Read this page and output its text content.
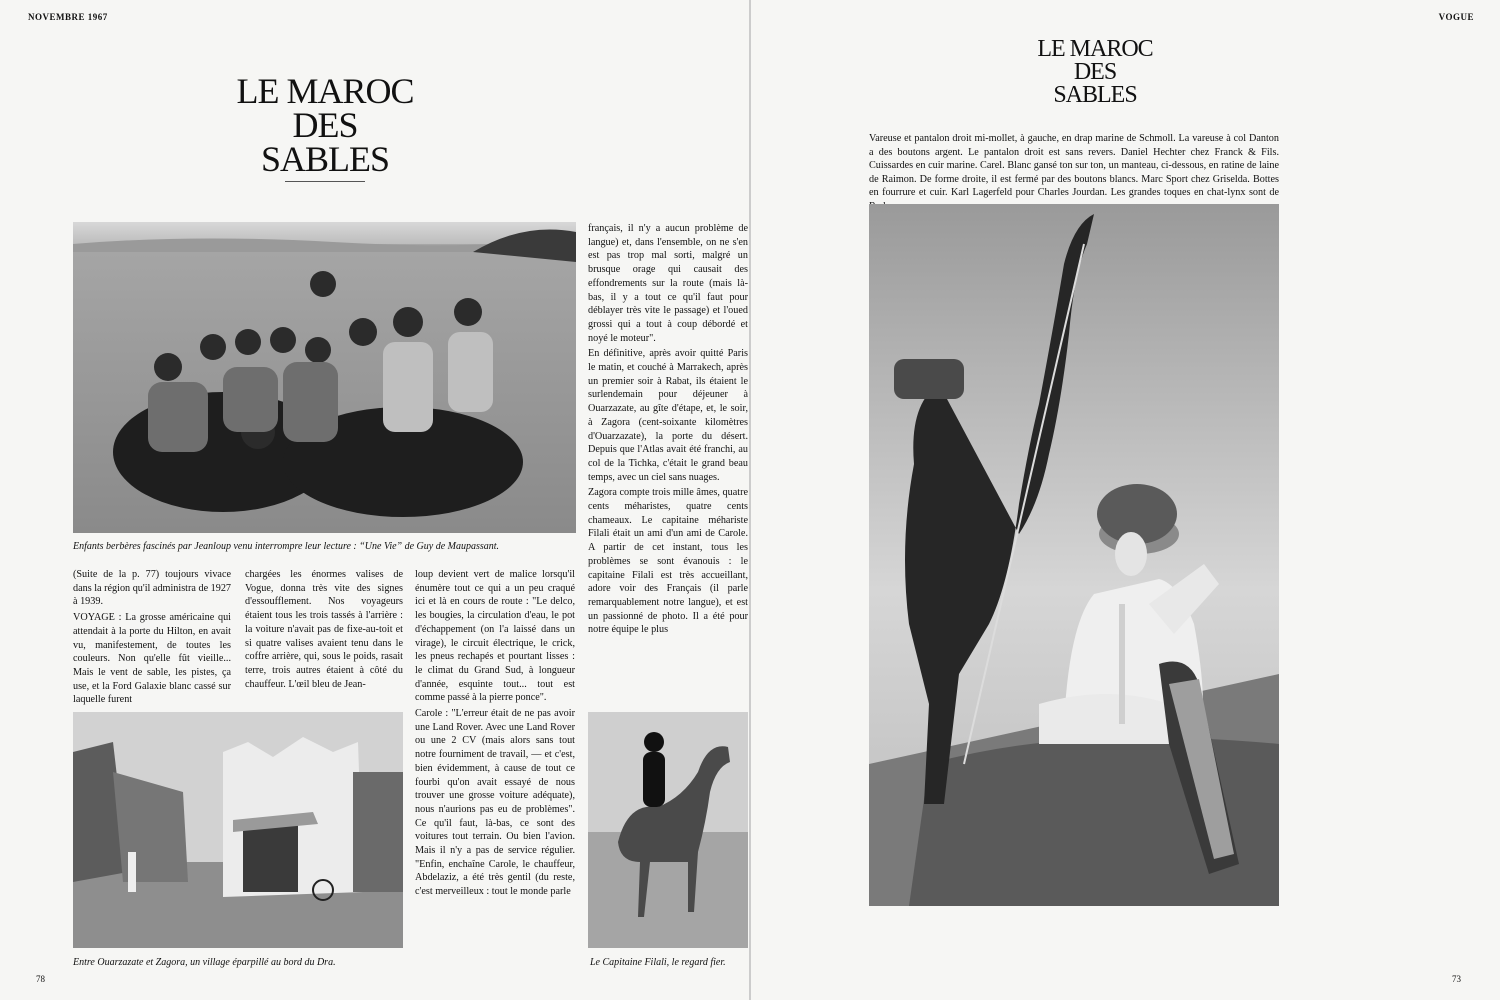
NOVEMBRE 1967
LE MAROC
DES
SABLES
Enfants berbères fascinés par Jeanloup venu interrompre leur lecture : “Une Vie” de Guy de Maupassant.

(Suite de la p. 77) toujours vivace dans la région qu'il administra de 1927 à 1939.

VOYAGE : La grosse américaine qui attendait à la porte du Hilton, en avait vu, manifestement, de toutes les couleurs. Non qu'elle fût vieille... Mais le vent de sable, les pistes, ça use, et la Ford Galaxie blanc cassé sur laquelle furent

chargées les énormes valises de Vogue, donna très vite des signes d'essoufflement. Nos voyageurs étaient tous les trois tassés à l'arrière : la voiture n'avait pas de fixe-au-toit et si quatre valises avaient tenu dans le coffre arrière, qui, sous le poids, rasait terre, trois autres étaient à côté du chauffeur. L'œil bleu de Jean-

loup devient vert de malice lorsqu'il énumère tout ce qui a un peu craqué ici et là en cours de route : "Le delco, les bougies, la circulation d'eau, le pot d'échappement (on l'a laissé dans un virage), le circuit électrique, le crick, les pneus rechapés et pourtant lisses : le climat du Grand Sud, à longueur d'année, esquinte tout... tout est comme passé à la pierre ponce".

Carole : "L'erreur était de ne pas avoir une Land Rover. Avec une Land Rover ou une 2 CV (mais alors sans tout notre fourniment de travail, — et c'est, bien évidemment, à cause de tout ce fourbi qu'on avait essayé de nous trouver une grosse voiture adéquate), nous n'aurions pas eu de problèmes". Ce qu'il faut, là-bas, ce sont des voitures tout terrain. Ou bien l'avion. Mais il n'y a pas de service régulier. "Enfin, enchaîne Carole, le chauffeur, Abdelaziz, a été très gentil (du reste, c'est merveilleux : tout le monde parle

français, il n'y a aucun problème de langue) et, dans l'ensemble, on ne s'en est pas trop mal sorti, malgré un brusque orage qui causait des effondrements sur la route (mais là-bas, il y a tout ce qu'il faut pour déblayer très vite le passage) et l'oued grossi qui a tout à coup débordé et noyé le moteur".

En définitive, après avoir quitté Paris le matin, et couché à Marrakech, après un premier soir à Rabat, ils étaient le surlendemain pour déjeuner à Ouarzazate, au gîte d'étape, et, le soir, à Zagora (cent-soixante kilomètres d'Ouarzazate), la porte du désert. Depuis que l'Atlas avait été franchi, au col de la Tichka, c'était le grand beau temps, avec un ciel sans nuages.

Zagora compte trois mille âmes, quatre cents méharistes, quatre cents chameaux. Le capitaine méhariste Filali était un ami d'un ami de Carole. A partir de cet instant, tous les problèmes se sont évanouis : le capitaine Filali est très accueillant, adore voir des Français (il parle remarquablement notre langue), et est un passionné de photo. Il a été pour notre équipe le plus

Entre Ouarzazate et Zagora, un village éparpillé au bord du Dra.	Le Capitaine Filali, le regard fier.
78
VOGUE
LE MAROC
DES
SABLES
Vareuse et pantalon droit mi-mollet, à gauche, en drap marine de Schmoll. La vareuse à col Danton a des boutons argent. Le pantalon droit est sans revers. Daniel Hechter chez Franck & Fils. Cuissardes en cuir marine. Carel. Blanc gansé ton sur ton, un manteau, ci-dessous, en ratine de laine de Raimon. De forme droite, il est fermé par des boutons blancs. Marc Sport chez Griselda. Bottes en fourrure et cuir. Karl Lagerfeld pour Charles Jourdan. Les grandes toques en chat-lynx sont de
73
